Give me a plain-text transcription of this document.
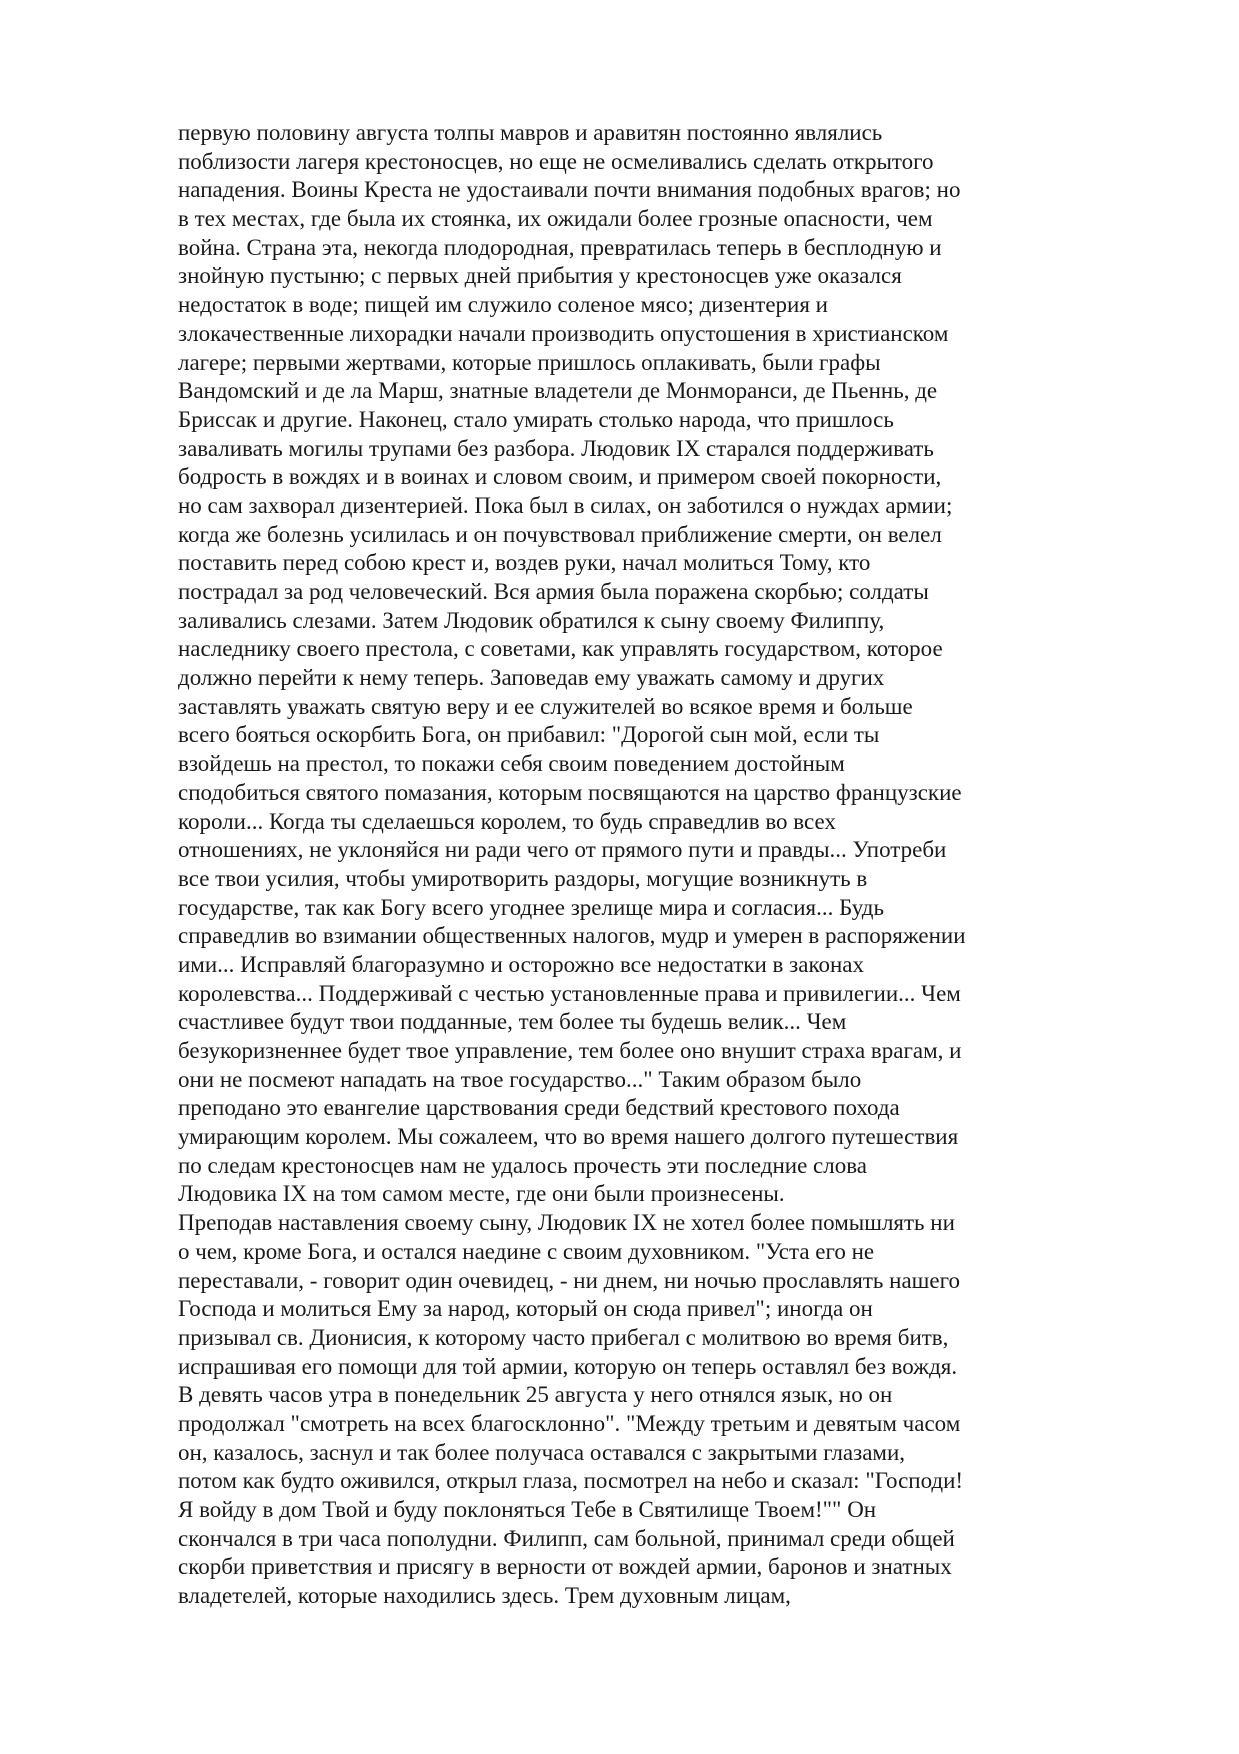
первую половину августа толпы мавров и аравитян постоянно являлись
поблизости лагеря крестоносцев, но еще не осмеливались сделать открытого
нападения. Воины Креста не удостаивали почти внимания подобных врагов; но
в тех местах, где была их стоянка, их ожидали более грозные опасности, чем
война. Страна эта, некогда плодородная, превратилась теперь в бесплодную и
знойную пустыню; с первых дней прибытия у крестоносцев уже оказался
недостаток в воде; пищей им служило соленое мясо; дизентерия и
злокачественные лихорадки начали производить опустошения в христианском
лагере; первыми жертвами, которые пришлось оплакивать, были графы
Вандомский и де ла Марш, знатные владетели де Монморанси, де Пьеннь, де
Бриссак и другие. Наконец, стало умирать столько народа, что пришлось
заваливать могилы трупами без разбора. Людовик IX старался поддерживать
бодрость в вождях и в воинах и словом своим, и примером своей покорности,
но сам захворал дизентерией. Пока был в силах, он заботился о нуждах армии;
когда же болезнь усилилась и он почувствовал приближение смерти, он велел
поставить перед собою крест и, воздев руки, начал молиться Тому, кто
пострадал за род человеческий. Вся армия была поражена скорбью; солдаты
заливались слезами. Затем Людовик обратился к сыну своему Филиппу,
наследнику своего престола, с советами, как управлять государством, которое
должно перейти к нему теперь. Заповедав ему уважать самому и других
заставлять уважать святую веру и ее служителей во всякое время и больше
всего бояться оскорбить Бога, он прибавил: "Дорогой сын мой, если ты
взойдешь на престол, то покажи себя своим поведением достойным
сподобиться святого помазания, которым посвящаются на царство французские
короли... Когда ты сделаешься королем, то будь справедлив во всех
отношениях, не уклоняйся ни ради чего от прямого пути и правды... Употреби
все твои усилия, чтобы умиротворить раздоры, могущие возникнуть в
государстве, так как Богу всего угоднее зрелище мира и согласия... Будь
справедлив во взимании общественных налогов, мудр и умерен в распоряжении
ими... Исправляй благоразумно и осторожно все недостатки в законах
королевства... Поддерживай с честью установленные права и привилегии... Чем
счастливее будут твои подданные, тем более ты будешь велик... Чем
безукоризненнее будет твое управление, тем более оно внушит страха врагам, и
они не посмеют нападать на твое государство..." Таким образом было
преподано это евангелие царствования среди бедствий крестового похода
умирающим королем. Мы сожалеем, что во время нашего долгого путешествия
по следам крестоносцев нам не удалось прочесть эти последние слова
Людовика IX на том самом месте, где они были произнесены.
Преподав наставления своему сыну, Людовик IX не хотел более помышлять ни
о чем, кроме Бога, и остался наедине с своим духовником. "Уста его не
переставали, - говорит один очевидец, - ни днем, ни ночью прославлять нашего
Господа и молиться Ему за народ, который он сюда привел"; иногда он
призывал св. Дионисия, к которому часто прибегал с молитвою во время битв,
испрашивая его помощи для той армии, которую он теперь оставлял без вождя.
В девять часов утра в понедельник 25 августа у него отнялся язык, но он
продолжал "смотреть на всех благосклонно". "Между третьим и девятым часом
он, казалось, заснул и так более получаса оставался с закрытыми глазами,
потом как будто оживился, открыл глаза, посмотрел на небо и сказал: "Господи!
Я войду в дом Твой и буду поклоняться Тебе в Святилище Твоем!"" Он
скончался в три часа пополудни. Филипп, сам больной, принимал среди общей
скорби приветствия и присягу в верности от вождей армии, баронов и знатных
владетелей, которые находились здесь. Трем духовным лицам,
